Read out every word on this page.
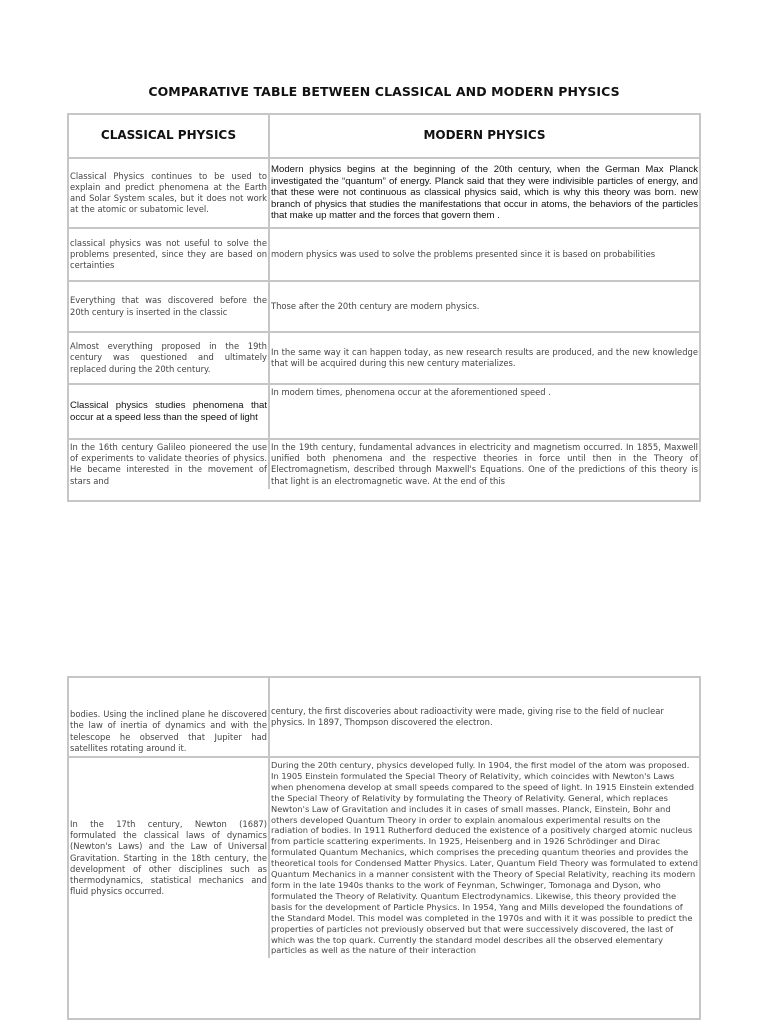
COMPARATIVE TABLE BETWEEN CLASSICAL AND MODERN PHYSICS
CLASSICAL PHYSICS	MODERN PHYSICS
Classical Physics continues to be used to explain and predict phenomena at the Earth and Solar System scales, but it does not work at the atomic or subatomic level.
Modern physics begins at the beginning of the 20th century, when the German Max Planck investigated the “quantum” of energy. Planck said that they were indivisible particles of energy, and that these were not continuous as classical physics said, which is why this theory was born. new branch of physics that studies the manifestations that occur in atoms, the behaviors of the particles that make up matter and the forces that govern them .
classical physics was not useful to solve the problems presented, since they are based on certainties
modern physics was used to solve the problems presented since it is based on probabilities
Everything that was discovered before the 20th century is inserted in the classic
Those after the 20th century are modern physics.
Almost everything proposed in the 19th century was questioned and ultimately replaced during the 20th century.
In the same way it can happen today, as new research results are produced, and the new knowledge that will be acquired during this new century materializes.
Classical physics studies phenomena that occur at a speed less than the speed of light
In modern times, phenomena occur at the aforementioned speed .
In the 16th century Galileo pioneered the use of experiments to validate theories of physics. He became interested in the movement of stars and
In the 19th century, fundamental advances in electricity and magnetism occurred. In 1855, Maxwell unified both phenomena and the respective theories in force until then in the Theory of Electromagnetism, described through Maxwell's Equations. One of the predictions of this theory is that light is an electromagnetic wave. At the end of this
bodies. Using the inclined plane he discovered the law of inertia of dynamics and with the telescope he observed that Jupiter had satellites rotating around it.
century, the first discoveries about radioactivity were made, giving rise to the field of nuclear physics. In 1897, Thompson discovered the electron.
In the 17th century, Newton (1687) formulated the classical laws of dynamics (Newton's Laws) and the Law of Universal Gravitation. Starting in the 18th century, the development of other disciplines such as thermodynamics, statistical mechanics and fluid physics occurred.
During the 20th century, physics developed fully. In 1904, the first model of the atom was proposed. In 1905 Einstein formulated the Special Theory of Relativity, which coincides with Newton's Laws when phenomena develop at small speeds compared to the speed of light. In 1915 Einstein extended the Special Theory of Relativity by formulating the Theory of Relativity. General, which replaces Newton's Law of Gravitation and includes it in cases of small masses. Planck, Einstein, Bohr and others developed Quantum Theory in order to explain anomalous experimental results on the radiation of bodies. In 1911 Rutherford deduced the existence of a positively charged atomic nucleus from particle scattering experiments. In 1925, Heisenberg and in 1926 Schrödinger and Dirac formulated Quantum Mechanics, which comprises the preceding quantum theories and provides the theoretical tools for Condensed Matter Physics. Later, Quantum Field Theory was formulated to extend Quantum Mechanics in a manner consistent with the Theory of Special Relativity, reaching its modern form in the late 1940s thanks to the work of Feynman, Schwinger, Tomonaga and Dyson, who formulated the Theory of Relativity. Quantum Electrodynamics. Likewise, this theory provided the basis for the development of Particle Physics. In 1954, Yang and Mills developed the foundations of the Standard Model. This model was completed in the 1970s and with it it was possible to predict the properties of particles not previously observed but that were successively discovered, the last of which was the top quark. Currently the standard model describes all the observed elementary particles as well as the nature of their interaction
